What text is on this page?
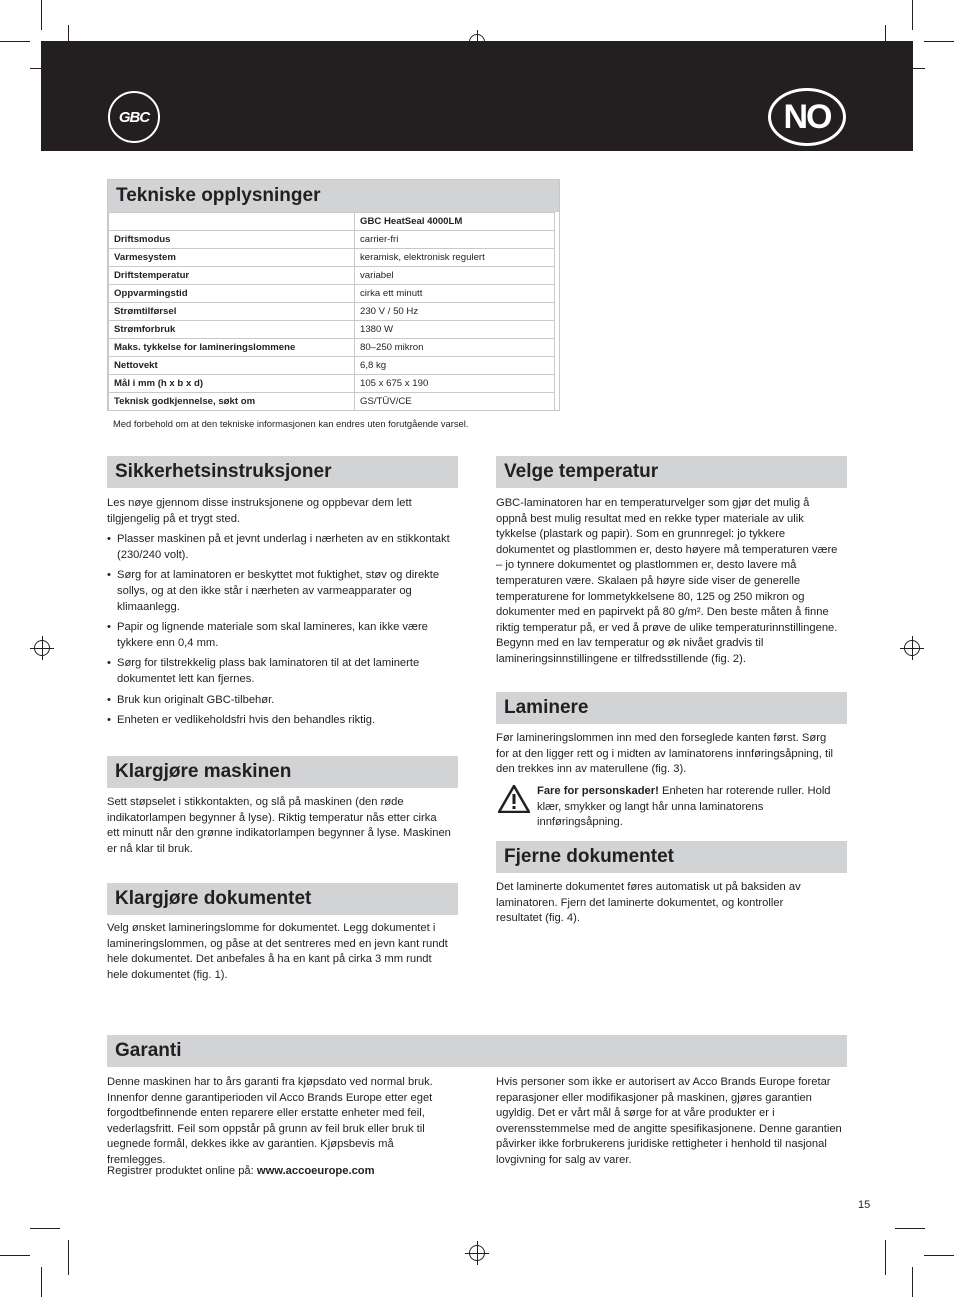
GBC	NO
Tekniske opplysninger
	GBC HeatSeal 4000LM
Driftsmodus	carrier-fri
Varmesystem	keramisk, elektronisk regulert
Driftstemperatur	variabel
Oppvarmingstid	cirka ett minutt
Strømtilførsel	230 V / 50 Hz
Strømforbruk	1380 W
Maks. tykkelse for lamineringslommene	80–250 mikron
Nettovekt	6,8 kg
Mål i mm (h x b x d)	105 x 675 x 190
Teknisk godkjennelse, søkt om	GS/TÜV/CE
Med forbehold om at den tekniske informasjonen kan endres uten forutgående varsel.
Sikkerhetsinstruksjoner

Les nøye gjennom disse instruksjonene og oppbevar dem lett tilgjengelig på et trygt sted.

• Plasser maskinen på et jevnt underlag i nærheten av en stikkontakt (230/240 volt).
• Sørg for at laminatoren er beskyttet mot fuktighet, støv og direkte sollys, og at den ikke står i nærheten av varmeapparater og klimaanlegg.
• Papir og lignende materiale som skal lamineres, kan ikke være tykkere enn 0,4 mm.
• Sørg for tilstrekkelig plass bak laminatoren til at det laminerte dokumentet lett kan fjernes.
• Bruk kun originalt GBC-tilbehør.
• Enheten er vedlikeholdsfri hvis den behandles riktig.
Klargjøre maskinen
Sett støpselet i stikkontakten, og slå på maskinen (den røde indikatorlampen begynner å lyse). Riktig temperatur nås etter cirka ett minutt når den grønne indikatorlampen begynner å lyse. Maskinen er nå klar til bruk.
Klargjøre dokumentet
Velg ønsket lamineringslomme for dokumentet. Legg dokumentet i lamineringslommen, og påse at det sentreres med en jevn kant rundt hele dokumentet. Det anbefales å ha en kant på cirka 3 mm rundt hele dokumentet (fig. 1).
Velge temperatur
GBC-laminatoren har en temperaturvelger som gjør det mulig å oppnå best mulig resultat med en rekke typer materiale av ulik tykkelse (plastark og papir). Som en grunnregel: jo tykkere dokumentet og plastlommen er, desto høyere må temperaturen være – jo tynnere dokumentet og plastlommen er, desto lavere må temperaturen være. Skalaen på høyre side viser de generelle temperaturene for lommetykkelsene 80, 125 og 250 mikron og dokumenter med en papirvekt på 80 g/m². Den beste måten å finne riktig temperatur på, er ved å prøve de ulike temperaturinnstillingene. Begynn med en lav temperatur og øk nivået gradvis til lamineringsinnstillingene er tilfredsstillende (fig. 2).
Laminere
Før lamineringslommen inn med den forseglede kanten først. Sørg for at den ligger rett og i midten av laminatorens innføringsåpning, til den trekkes inn av materullene (fig. 3).
Fare for personskader! Enheten har roterende ruller. Hold klær, smykker og langt hår unna laminatorens innføringsåpning.
Fjerne dokumentet
Det laminerte dokumentet føres automatisk ut på baksiden av laminatoren. Fjern det laminerte dokumentet, og kontroller resultatet (fig. 4).
Garanti
Denne maskinen har to års garanti fra kjøpsdato ved normal bruk. Innenfor denne garantiperioden vil Acco Brands Europe etter eget forgodtbefinnende enten reparere eller erstatte enheter med feil, vederlagsfritt. Feil som oppstår på grunn av feil bruk eller bruk til uegnede formål, dekkes ikke av garantien. Kjøpsbevis må fremlegges.
Registrer produktet online på: www.accoeurope.com
Hvis personer som ikke er autorisert av Acco Brands Europe foretar reparasjoner eller modifikasjoner på maskinen, gjøres garantien ugyldig. Det er vårt mål å sørge for at våre produkter er i overensstemmelse med de angitte spesifikasjonene. Denne garantien påvirker ikke forbrukerens juridiske rettigheter i henhold til nasjonal lovgivning for salg av varer.
15
